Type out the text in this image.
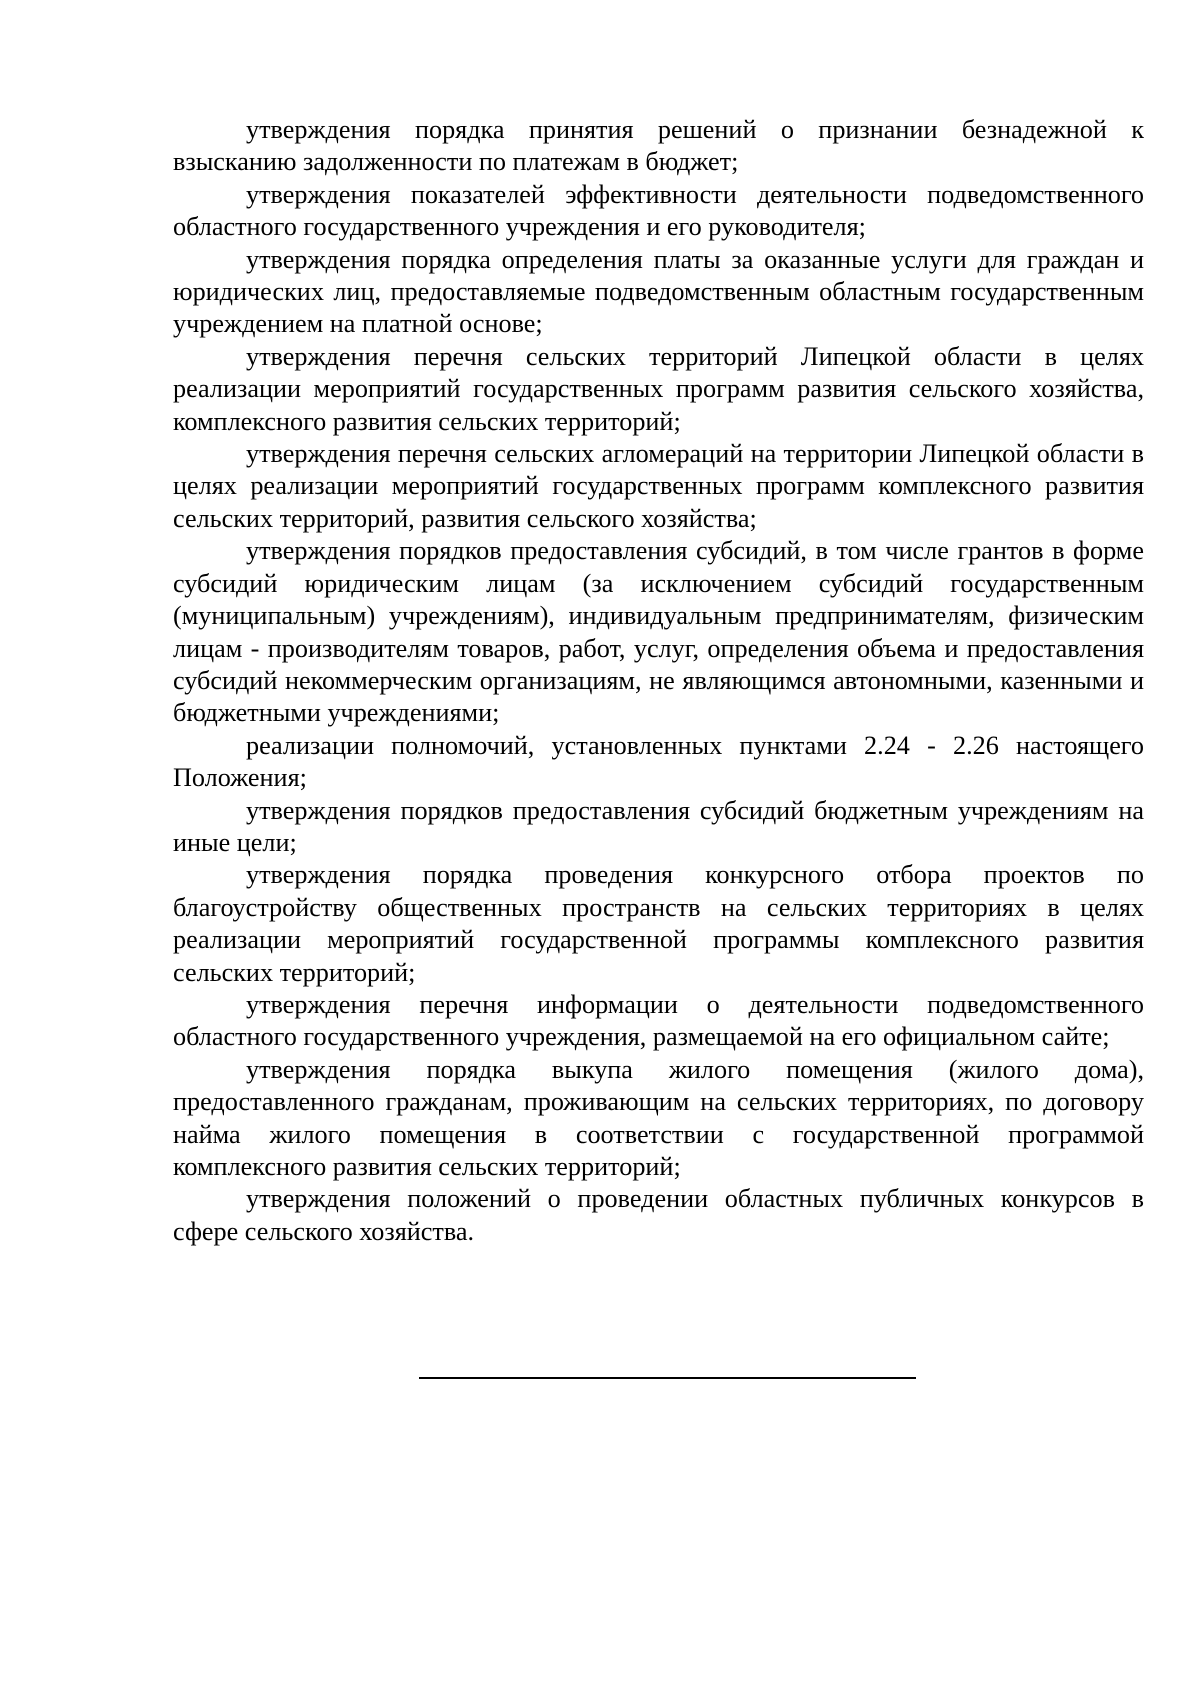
утверждения порядка принятия решений о признании безнадежной к взысканию задолженности по платежам в бюджет;

утверждения показателей эффективности деятельности подведомственного областного государственного учреждения и его руководителя;

утверждения порядка определения платы за оказанные услуги для граждан и юридических лиц, предоставляемые подведомственным областным государственным учреждением на платной основе;

утверждения перечня сельских территорий Липецкой области в целях реализации мероприятий государственных программ развития сельского хозяйства, комплексного развития сельских территорий;

утверждения перечня сельских агломераций на территории Липецкой области в целях реализации мероприятий государственных программ комплексного развития сельских территорий, развития сельского хозяйства;

утверждения порядков предоставления субсидий, в том числе грантов в форме субсидий юридическим лицам (за исключением субсидий государственным (муниципальным) учреждениям), индивидуальным предпринимателям, физическим лицам - производителям товаров, работ, услуг, определения объема и предоставления субсидий некоммерческим организациям, не являющимся автономными, казенными и бюджетными учреждениями;

реализации полномочий, установленных пунктами 2.24 - 2.26 настоящего Положения;

утверждения порядков предоставления субсидий бюджетным учреждениям на иные цели;

утверждения порядка проведения конкурсного отбора проектов по благоустройству общественных пространств на сельских территориях в целях реализации мероприятий государственной программы комплексного развития сельских территорий;

утверждения перечня информации о деятельности подведомственного областного государственного учреждения, размещаемой на его официальном сайте;

утверждения порядка выкупа жилого помещения (жилого дома), предоставленного гражданам, проживающим на сельских территориях, по договору найма жилого помещения в соответствии с государственной программой комплексного развития сельских территорий;

утверждения положений о проведении областных публичных конкурсов в сфере сельского хозяйства.
